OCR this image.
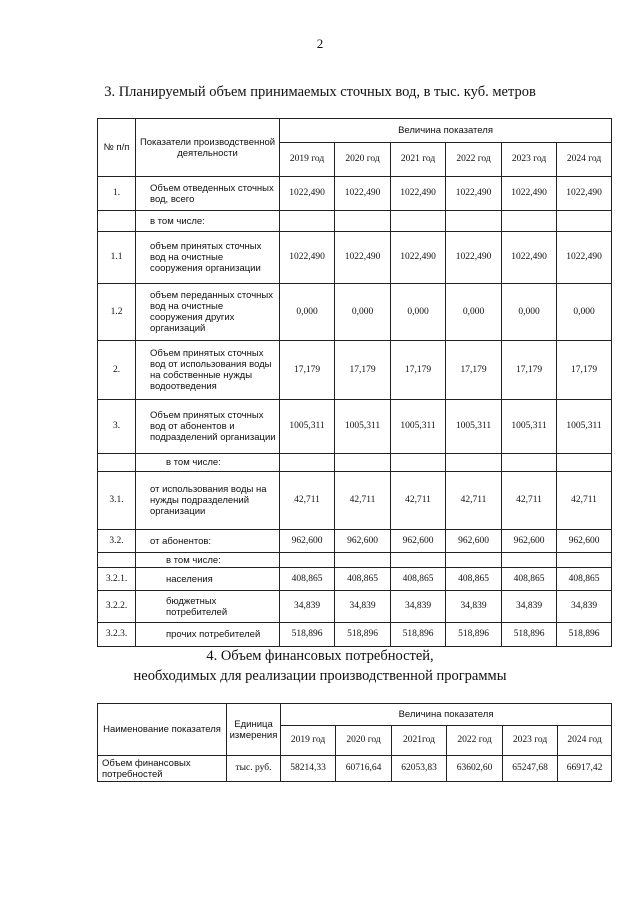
2
3. Планируемый объем принимаемых сточных вод, в тыс. куб. метров
№ п/п	Показатели производственной деятельности	Величина показателя					
		2019 год	2020 год	2021 год	2022 год	2023 год	2024 год
1.	Объем отведенных сточных вод, всего	1022,490	1022,490	1022,490	1022,490	1022,490	1022,490
	в том числе:						
1.1	объем принятых сточных вод на очистные сооружения организации	1022,490	1022,490	1022,490	1022,490	1022,490	1022,490
1.2	объем переданных сточных вод на очистные сооружения других организаций	0,000	0,000	0,000	0,000	0,000	0,000
2.	Объем принятых сточных вод от использования воды на собственные нужды водоотведения	17,179	17,179	17,179	17,179	17,179	17,179
3.	Объем принятых сточных вод от абонентов и подразделений организации	1005,311	1005,311	1005,311	1005,311	1005,311	1005,311
	в том числе:						
3.1.	от использования воды на нужды подразделений организации	42,711	42,711	42,711	42,711	42,711	42,711
3.2.	от абонентов:	962,600	962,600	962,600	962,600	962,600	962,600
	в том числе:						
3.2.1.	населения	408,865	408,865	408,865	408,865	408,865	408,865
3.2.2.	бюджетных потребителей	34,839	34,839	34,839	34,839	34,839	34,839
3.2.3.	прочих потребителей	518,896	518,896	518,896	518,896	518,896	518,896
4. Объем финансовых потребностей,
необходимых для реализации производственной программы
Наименование показателя	Единица измерения	Величина показателя					
		2019 год	2020 год	2021год	2022 год	2023 год	2024 год
Объем финансовых потребностей	тыс. руб.	58214,33	60716,64	62053,83	63602,60	65247,68	66917,42
